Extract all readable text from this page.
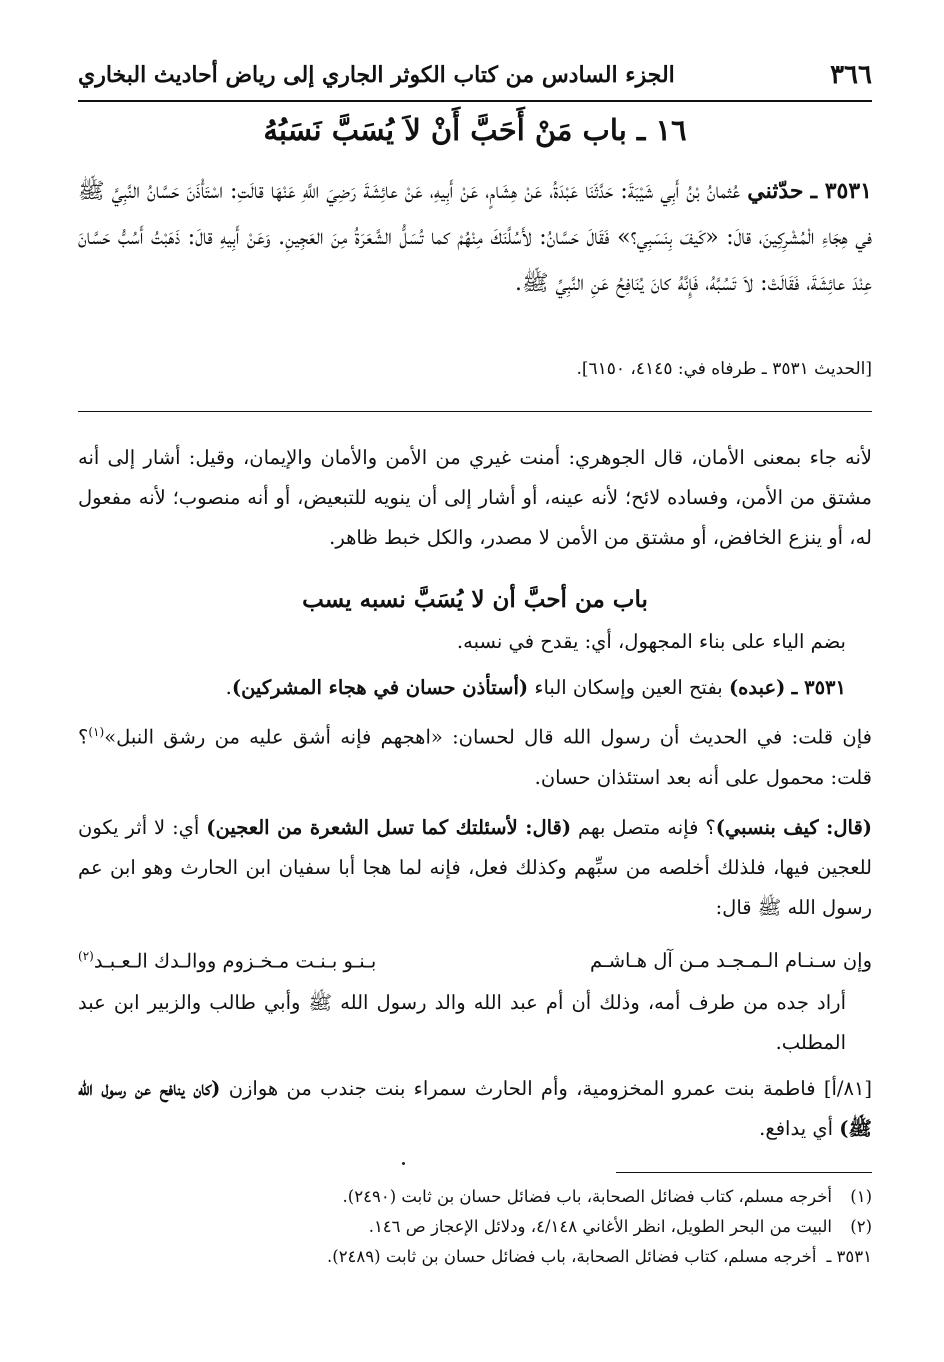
٣٦٦
الجزء السادس من كتاب الكوثر الجاري إلى رياض أحاديث البخاري
١٦ ـ باب مَنْ أَحَبَّ أَنْ لاَ يُسَبَّ نَسَبُهُ
٣٥٣١ ـ حدّثني عُثمانُ بْنُ أَبِي شَيْبَةَ: حَدَّثَنَا عَبْدَةُ، عَنْ هِشَامٍ، عَنْ أَبِيهِ، عَنْ عائِشَةَ رَضِيَ اللَّهِ عَنْهَا قالَتِ: اسْتَأْذَنَ حَسَّانُ النَّبِيَّ ﷺ في هِجَاءِ الْمُشْرِكِينَ، قالَ: «كَيفَ بِنَسَبِي؟» فَقَالَ حَسَّانُ: لأَسُلَّنَكَ مِنْهُمْ كما تُسَلُّ الشَّعَرَةُ مِنَ العَجِينِ. وَعَنْ أَبِيهِ قالَ: ذَهَبْتُ أَسُبُّ حَسَّانَ عِنْدَ عائِشَةَ، فَقَالَتْ: لاَ تَسُبَّهُ، فَإِنَّهُ كانَ يُنَافِحُ عَنِ النَّبِيِّ ﷺ.
[الحديث ٣٥٣١ ـ طرفاه في: ٤١٤٥، ٦١٥٠].

لأنه جاء بمعنى الأمان، قال الجوهري: أمنت غيري من الأمن والأمان والإيمان، وقيل: أشار إلى أنه مشتق من الأمن، وفساده لائح؛ لأنه عينه، أو أشار إلى أن ينويه للتبعيض، أو أنه منصوب؛ لأنه مفعول له، أو ينزع الخافض، أو مشتق من الأمن لا مصدر، والكل خبط ظاهر.

باب من أحبَّ أن لا يُسَبَّ نسبه يسب

بضم الياء على بناء المجهول، أي: يقدح في نسبه.

٣٥٣١ ـ (عبده) بفتح العين وإسكان الباء (أستأذن حسان في هجاء المشركين).

فإن قلت: في الحديث أن رسول الله قال لحسان: «اهجهم فإنه أشق عليه من رشق النبل»$^{(١)}$؟ قلت: محمول على أنه بعد استئذان حسان.

(قال: كيف بنسبي)؟ فإنه متصل بهم (قال: لأسئلتك كما تسل الشعرة من العجين) أي: لا أثر يكون للعجين فيها، فلذلك أخلصه من سبِّهم وكذلك فعل، فإنه لما هجا أبا سفيان ابن الحارث وهو ابن عم رسول الله ﷺ قال:

وإن سـنـام الـمـجـد مـن آل هـاشـم
بـنـو بـنـت مـخـزوم ووالـدك الـعـبـد$^{(٢)}$

أراد جده من طرف أمه، وذلك أن أم عبد الله والد رسول الله ﷺ وأبي طالب والزبير ابن عبد المطلب.

[٨١/أ] فاطمة بنت عمرو المخزومية، وأم الحارث سمراء بنت جندب من هوازن (كان ينافح عن رسول الله ﷺ) أي يدافع.

(١)
أخرجه مسلم، كتاب فضائل الصحابة، باب فضائل حسان بن ثابت (٢٤٩٠).
(٢)
البيت من البحر الطويل، انظر الأغاني ٤/١٤٨، ودلائل الإعجاز ص ١٤٦.
٣٥٣١ ـ
أخرجه مسلم، كتاب فضائل الصحابة، باب فضائل حسان بن ثابت (٢٤٨٩).
